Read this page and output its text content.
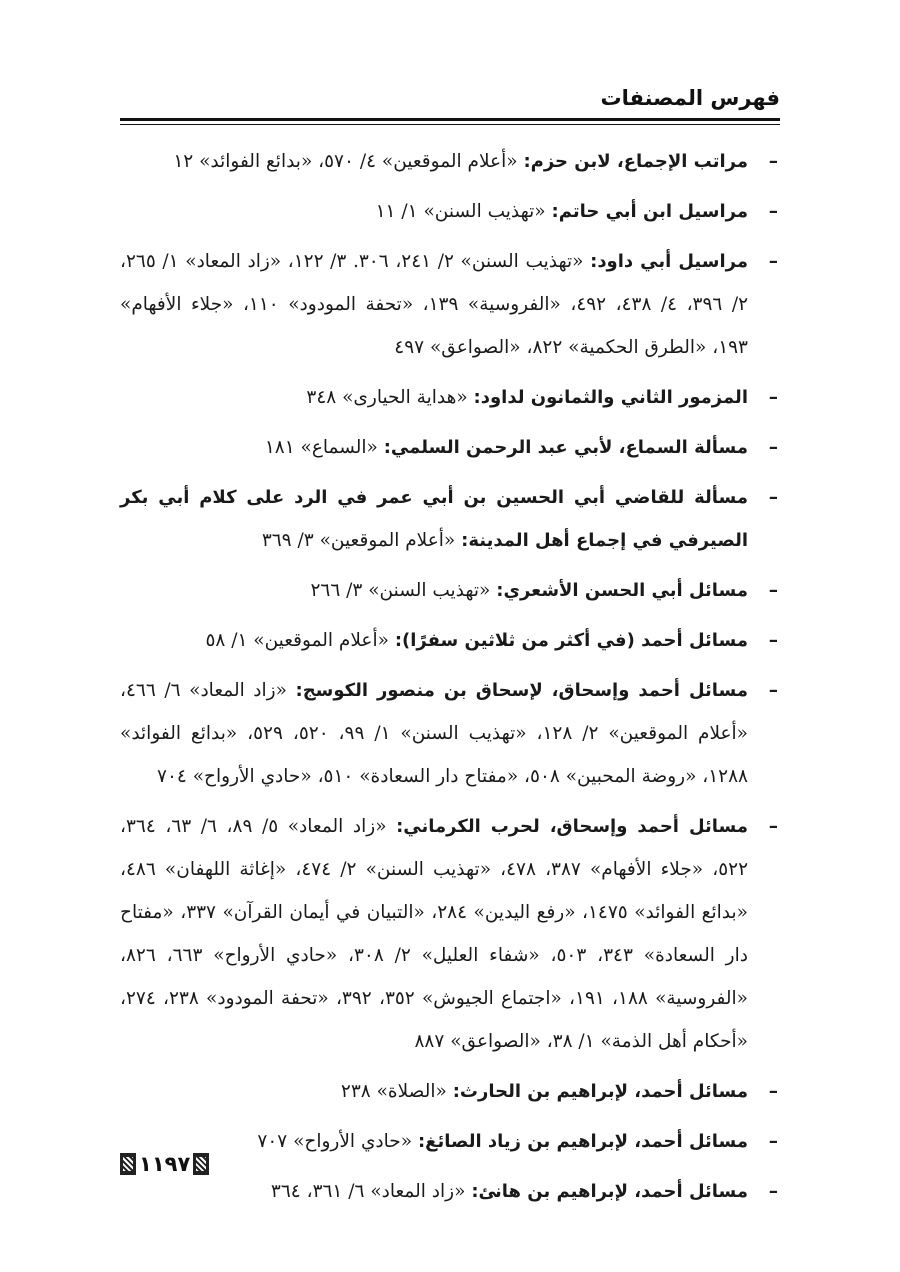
فهرس المصنفات
–
مراتب الإجماع، لابن حزم: «أعلام الموقعين» ٤/ ٥٧٠، «بدائع الفوائد» ١٢
–
مراسيل ابن أبي حاتم: «تهذيب السنن» ١/ ١١
–
مراسيل أبي داود: «تهذيب السنن» ٢/ ٢٤١، ٣٠٦. ٣/ ١٢٢، «زاد المعاد» ١/ ٢٦٥، ٢/ ٣٩٦، ٤/ ٤٣٨، ٤٩٢، «الفروسية» ١٣٩، «تحفة المودود» ١١٠، «جلاء الأفهام» ١٩٣، «الطرق الحكمية» ٨٢٢، «الصواعق» ٤٩٧
–
المزمور الثاني والثمانون لداود: «هداية الحيارى» ٣٤٨
–
مسألة السماع، لأبي عبد الرحمن السلمي: «السماع» ١٨١
–
مسألة للقاضي أبي الحسين بن أبي عمر في الرد على كلام أبي بكر الصيرفي في إجماع أهل المدينة: «أعلام الموقعين» ٣/ ٣٦٩
–
مسائل أبي الحسن الأشعري: «تهذيب السنن» ٣/ ٢٦٦
–
مسائل أحمد (في أكثر من ثلاثين سفرًا): «أعلام الموقعين» ١/ ٥٨
–
مسائل أحمد وإسحاق، لإسحاق بن منصور الكوسج: «زاد المعاد» ٦/ ٤٦٦، «أعلام الموقعين» ٢/ ١٢٨، «تهذيب السنن» ١/ ٩٩، ٥٢٠، ٥٢٩، «بدائع الفوائد» ١٢٨٨، «روضة المحبين» ٥٠٨، «مفتاح دار السعادة» ٥١٠، «حادي الأرواح» ٧٠٤
–
مسائل أحمد وإسحاق، لحرب الكرماني: «زاد المعاد» ٥/ ٨٩، ٦/ ٦٣، ٣٦٤، ٥٢٢، «جلاء الأفهام» ٣٨٧، ٤٧٨، «تهذيب السنن» ٢/ ٤٧٤، «إغاثة اللهفان» ٤٨٦، «بدائع الفوائد» ١٤٧٥، «رفع اليدين» ٢٨٤، «التبيان في أيمان القرآن» ٣٣٧، «مفتاح دار السعادة» ٣٤٣، ٥٠٣، «شفاء العليل» ٢/ ٣٠٨، «حادي الأرواح» ٦٦٣، ٨٢٦، «الفروسية» ١٨٨، ١٩١، «اجتماع الجيوش» ٣٥٢، ٣٩٢، «تحفة المودود» ٢٣٨، ٢٧٤، «أحكام أهل الذمة» ١/ ٣٨، «الصواعق» ٨٨٧
–
مسائل أحمد، لإبراهيم بن الحارث: «الصلاة» ٢٣٨
–
مسائل أحمد، لإبراهيم بن زياد الصائغ: «حادي الأرواح» ٧٠٧
–
مسائل أحمد، لإبراهيم بن هانئ: «زاد المعاد» ٦/ ٣٦١، ٣٦٤
١١٩٧
